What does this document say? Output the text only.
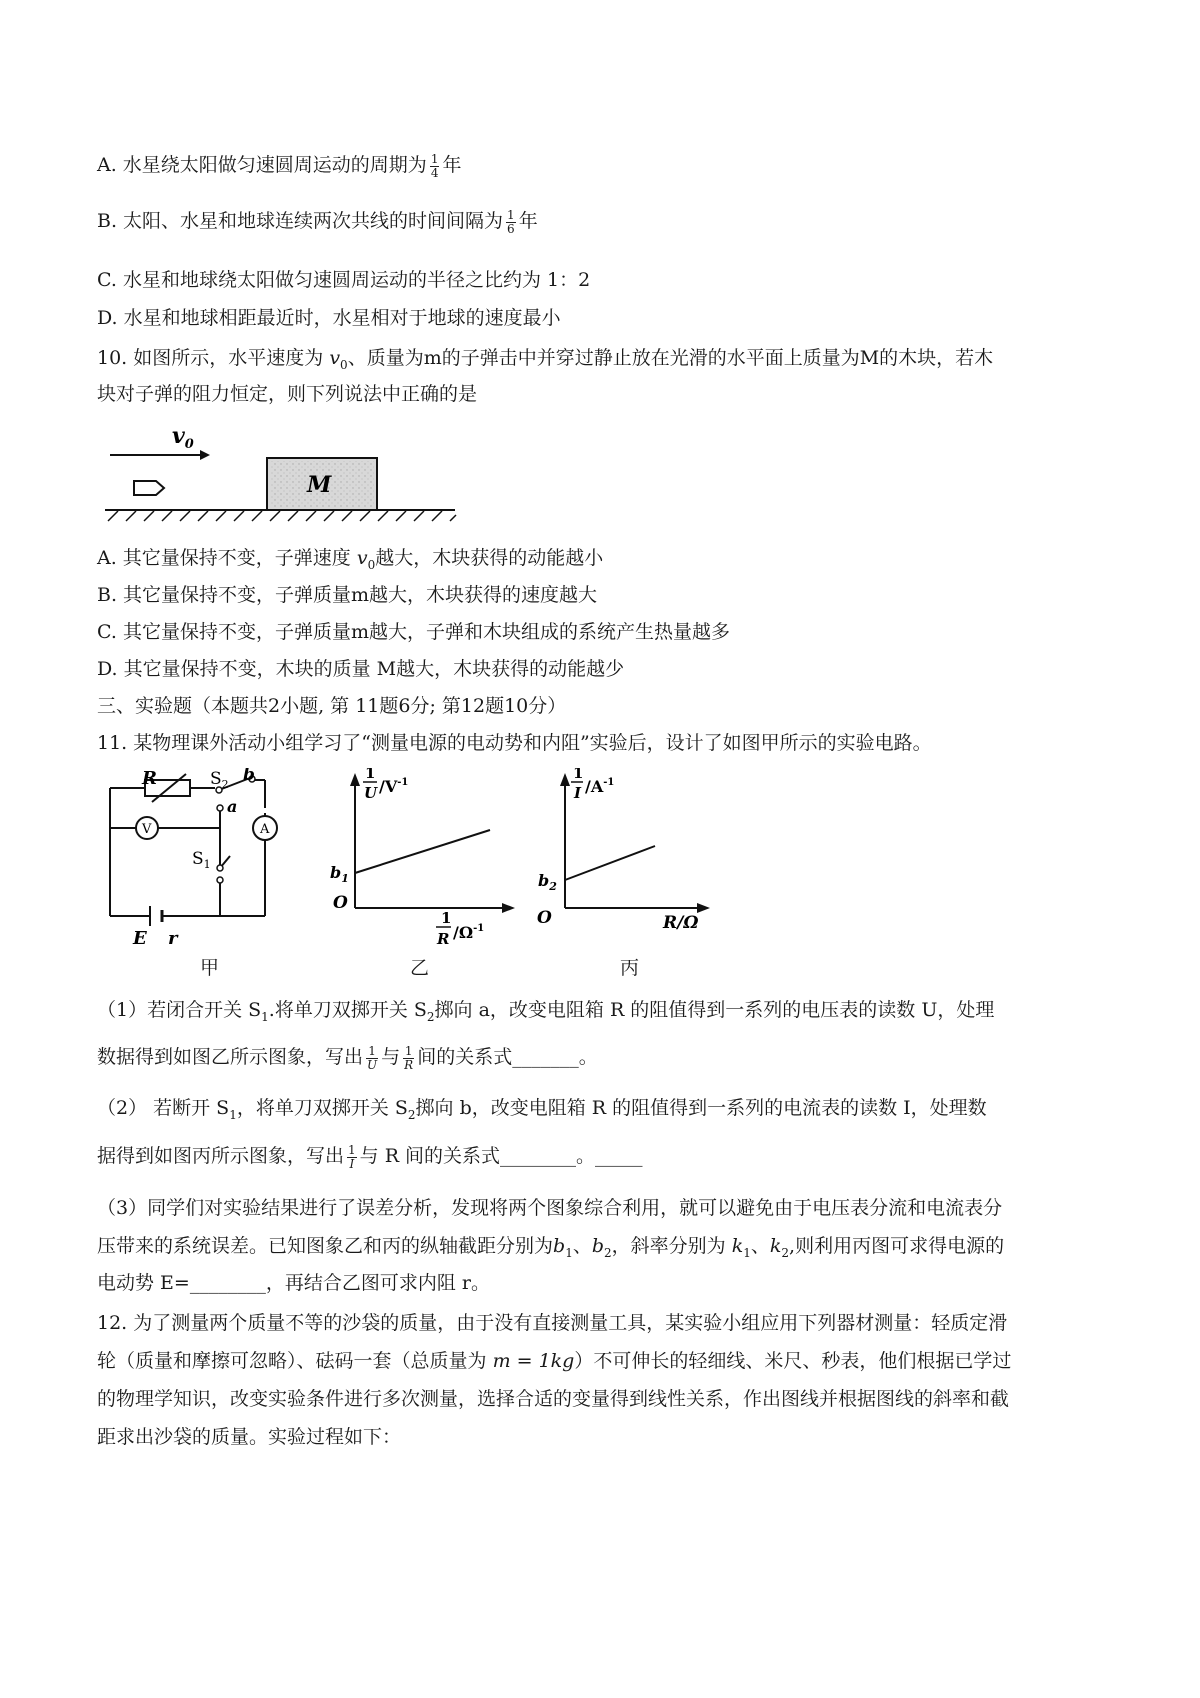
A. 水星绕太阳做匀速圆周运动的周期为 $\frac{1}{4}$ 年
B. 太阳、水星和地球连续两次共线的时间间隔为 $\frac{1}{6}$ 年
C. 水星和地球绕太阳做匀速圆周运动的半径之比约为 1：2
D. 水星和地球相距最近时，水星相对于地球的速度最小
10. 如图所示，水平速度为 $v_0$、质量为m的子弹击中并穿过静止放在光滑的水平面上质量为M的木块，若木
块对子弹的阻力恒定，则下列说法中正确的是
$v_0$
M
A. 其它量保持不变，子弹速度 $v_0$越大，木块获得的动能越小
B. 其它量保持不变，子弹质量m越大，木块获得的速度越大
C. 其它量保持不变，子弹质量m越大，子弹和木块组成的系统产生热量越多
D. 其它量保持不变，木块的质量 M越大，木块获得的动能越少
三、实验题（本题共2小题, 第 11题6分; 第12题10分）
11. 某物理课外活动小组学习了“测量电源的电动势和内阻”实验后，设计了如图甲所示的实验电路。
R	$S_2$ b
a
$S_1$
V	A
E r
甲
1
U $/V^{-1}$
$b_1$
O
1
R $/\Omega^{-1}$
乙
1
I $/A^{-1}$
$b_2$
O	R/Ω
丙
（1）若闭合开关 $S_1$.将单刀双掷开关 $S_2$掷向 a，改变电阻箱 R 的阻值得到一系列的电压表的读数 U，处理
数据得到如图乙所示图象，写出 $\frac{1}{U}$ 与 $\frac{1}{R}$ 间的关系式_______。
（2） 若断开 $S_1$，将单刀双掷开关 $S_2$掷向 b，改变电阻箱 R 的阻值得到一系列的电流表的读数 I，处理数
据得到如图丙所示图象，写出 $\frac{1}{I}$ 与 R 间的关系式________。_____
（3）同学们对实验结果进行了误差分析，发现将两个图象综合利用，就可以避免由于电压表分流和电流表分
压带来的系统误差。已知图象乙和丙的纵轴截距分别为$b_1$、$b_2$，斜率分别为 $k_1$、$k_2$,则利用丙图可求得电源的
电动势 E=________，再结合乙图可求内阻 r。
12. 为了测量两个质量不等的沙袋的质量，由于没有直接测量工具，某实验小组应用下列器材测量：轻质定滑
轮（质量和摩擦可忽略）、砝码一套（总质量为 m = 1kg）不可伸长的轻细线、米尺、秒表，他们根据已学过
的物理学知识，改变实验条件进行多次测量，选择合适的变量得到线性关系，作出图线并根据图线的斜率和截
距求出沙袋的质量。实验过程如下：
